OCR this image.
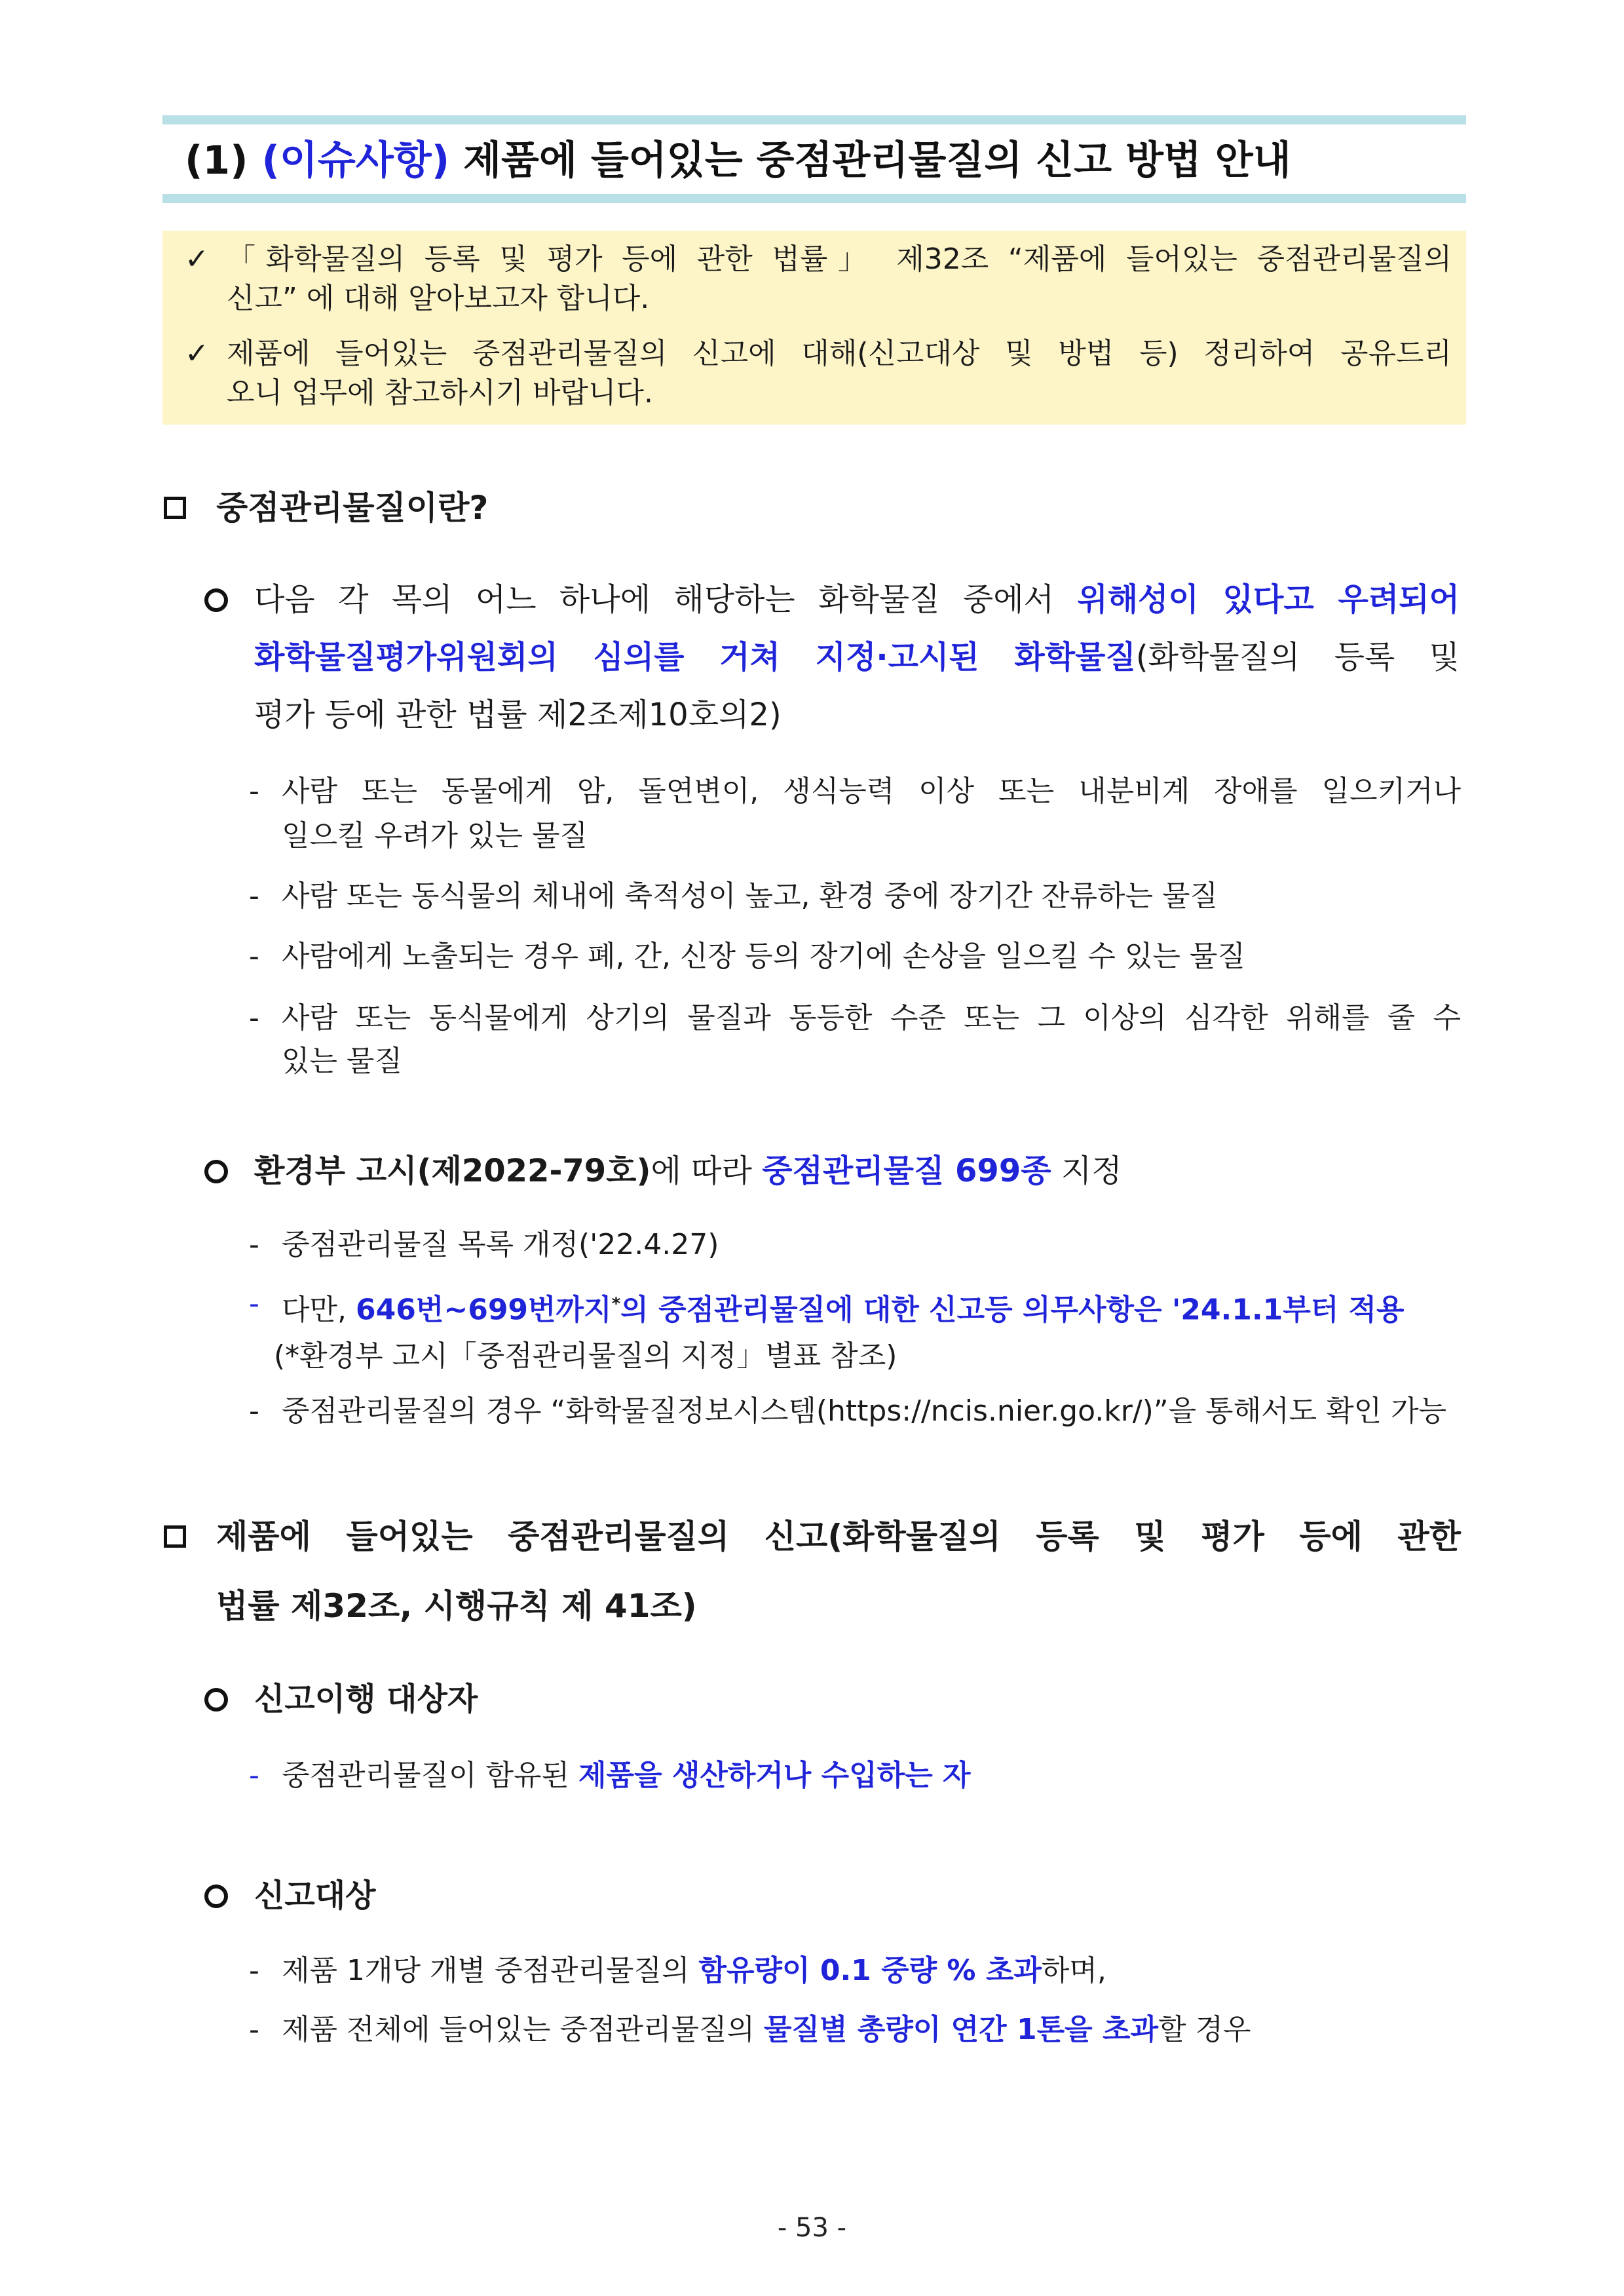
(1) (이슈사항) 제품에 들어있는 중점관리물질의 신고 방법 안내
✓ 「화학물질의 등록 및 평가 등에 관한 법률」 제32조 “제품에 들어있는 중점관리물질의
신고” 에 대해 알아보고자 합니다.
✓ 제품에 들어있는 중점관리물질의 신고에 대해(신고대상 및 방법 등) 정리하여 공유드리
오니 업무에 참고하시기 바랍니다.
중점관리물질이란?
다음 각 목의 어느 하나에 해당하는 화학물질 중에서 위해성이 있다고 우려되어
화학물질평가위원회의 심의를 거쳐 지정·고시된 화학물질(화학물질의 등록 및
평가 등에 관한 법률 제2조제10호의2)
- 사람 또는 동물에게 암, 돌연변이, 생식능력 이상 또는 내분비계 장애를 일으키거나
일으킬 우려가 있는 물질
- 사람 또는 동식물의 체내에 축적성이 높고, 환경 중에 장기간 잔류하는 물질
- 사람에게 노출되는 경우 폐, 간, 신장 등의 장기에 손상을 일으킬 수 있는 물질
- 사람 또는 동식물에게 상기의 물질과 동등한 수준 또는 그 이상의 심각한 위해를 줄 수
있는 물질
환경부 고시(제2022-79호)에 따라 중점관리물질 699종 지정
- 중점관리물질 목록 개정('22.4.27)
- 다만, 646번~699번까지*의 중점관리물질에 대한 신고등 의무사항은 '24.1.1부터 적용
(*환경부 고시「중점관리물질의 지정」별표 참조)
- 중점관리물질의 경우 “화학물질정보시스템(https://ncis.nier.go.kr/)”을 통해서도 확인 가능
제품에 들어있는 중점관리물질의 신고(화학물질의 등록 및 평가 등에 관한
법률 제32조, 시행규칙 제 41조)
신고이행 대상자
- 중점관리물질이 함유된 제품을 생산하거나 수입하는 자
신고대상
- 제품 1개당 개별 중점관리물질의 함유량이 0.1 중량 % 초과하며,
- 제품 전체에 들어있는 중점관리물질의 물질별 총량이 연간 1톤을 초과할 경우
- 53 -
